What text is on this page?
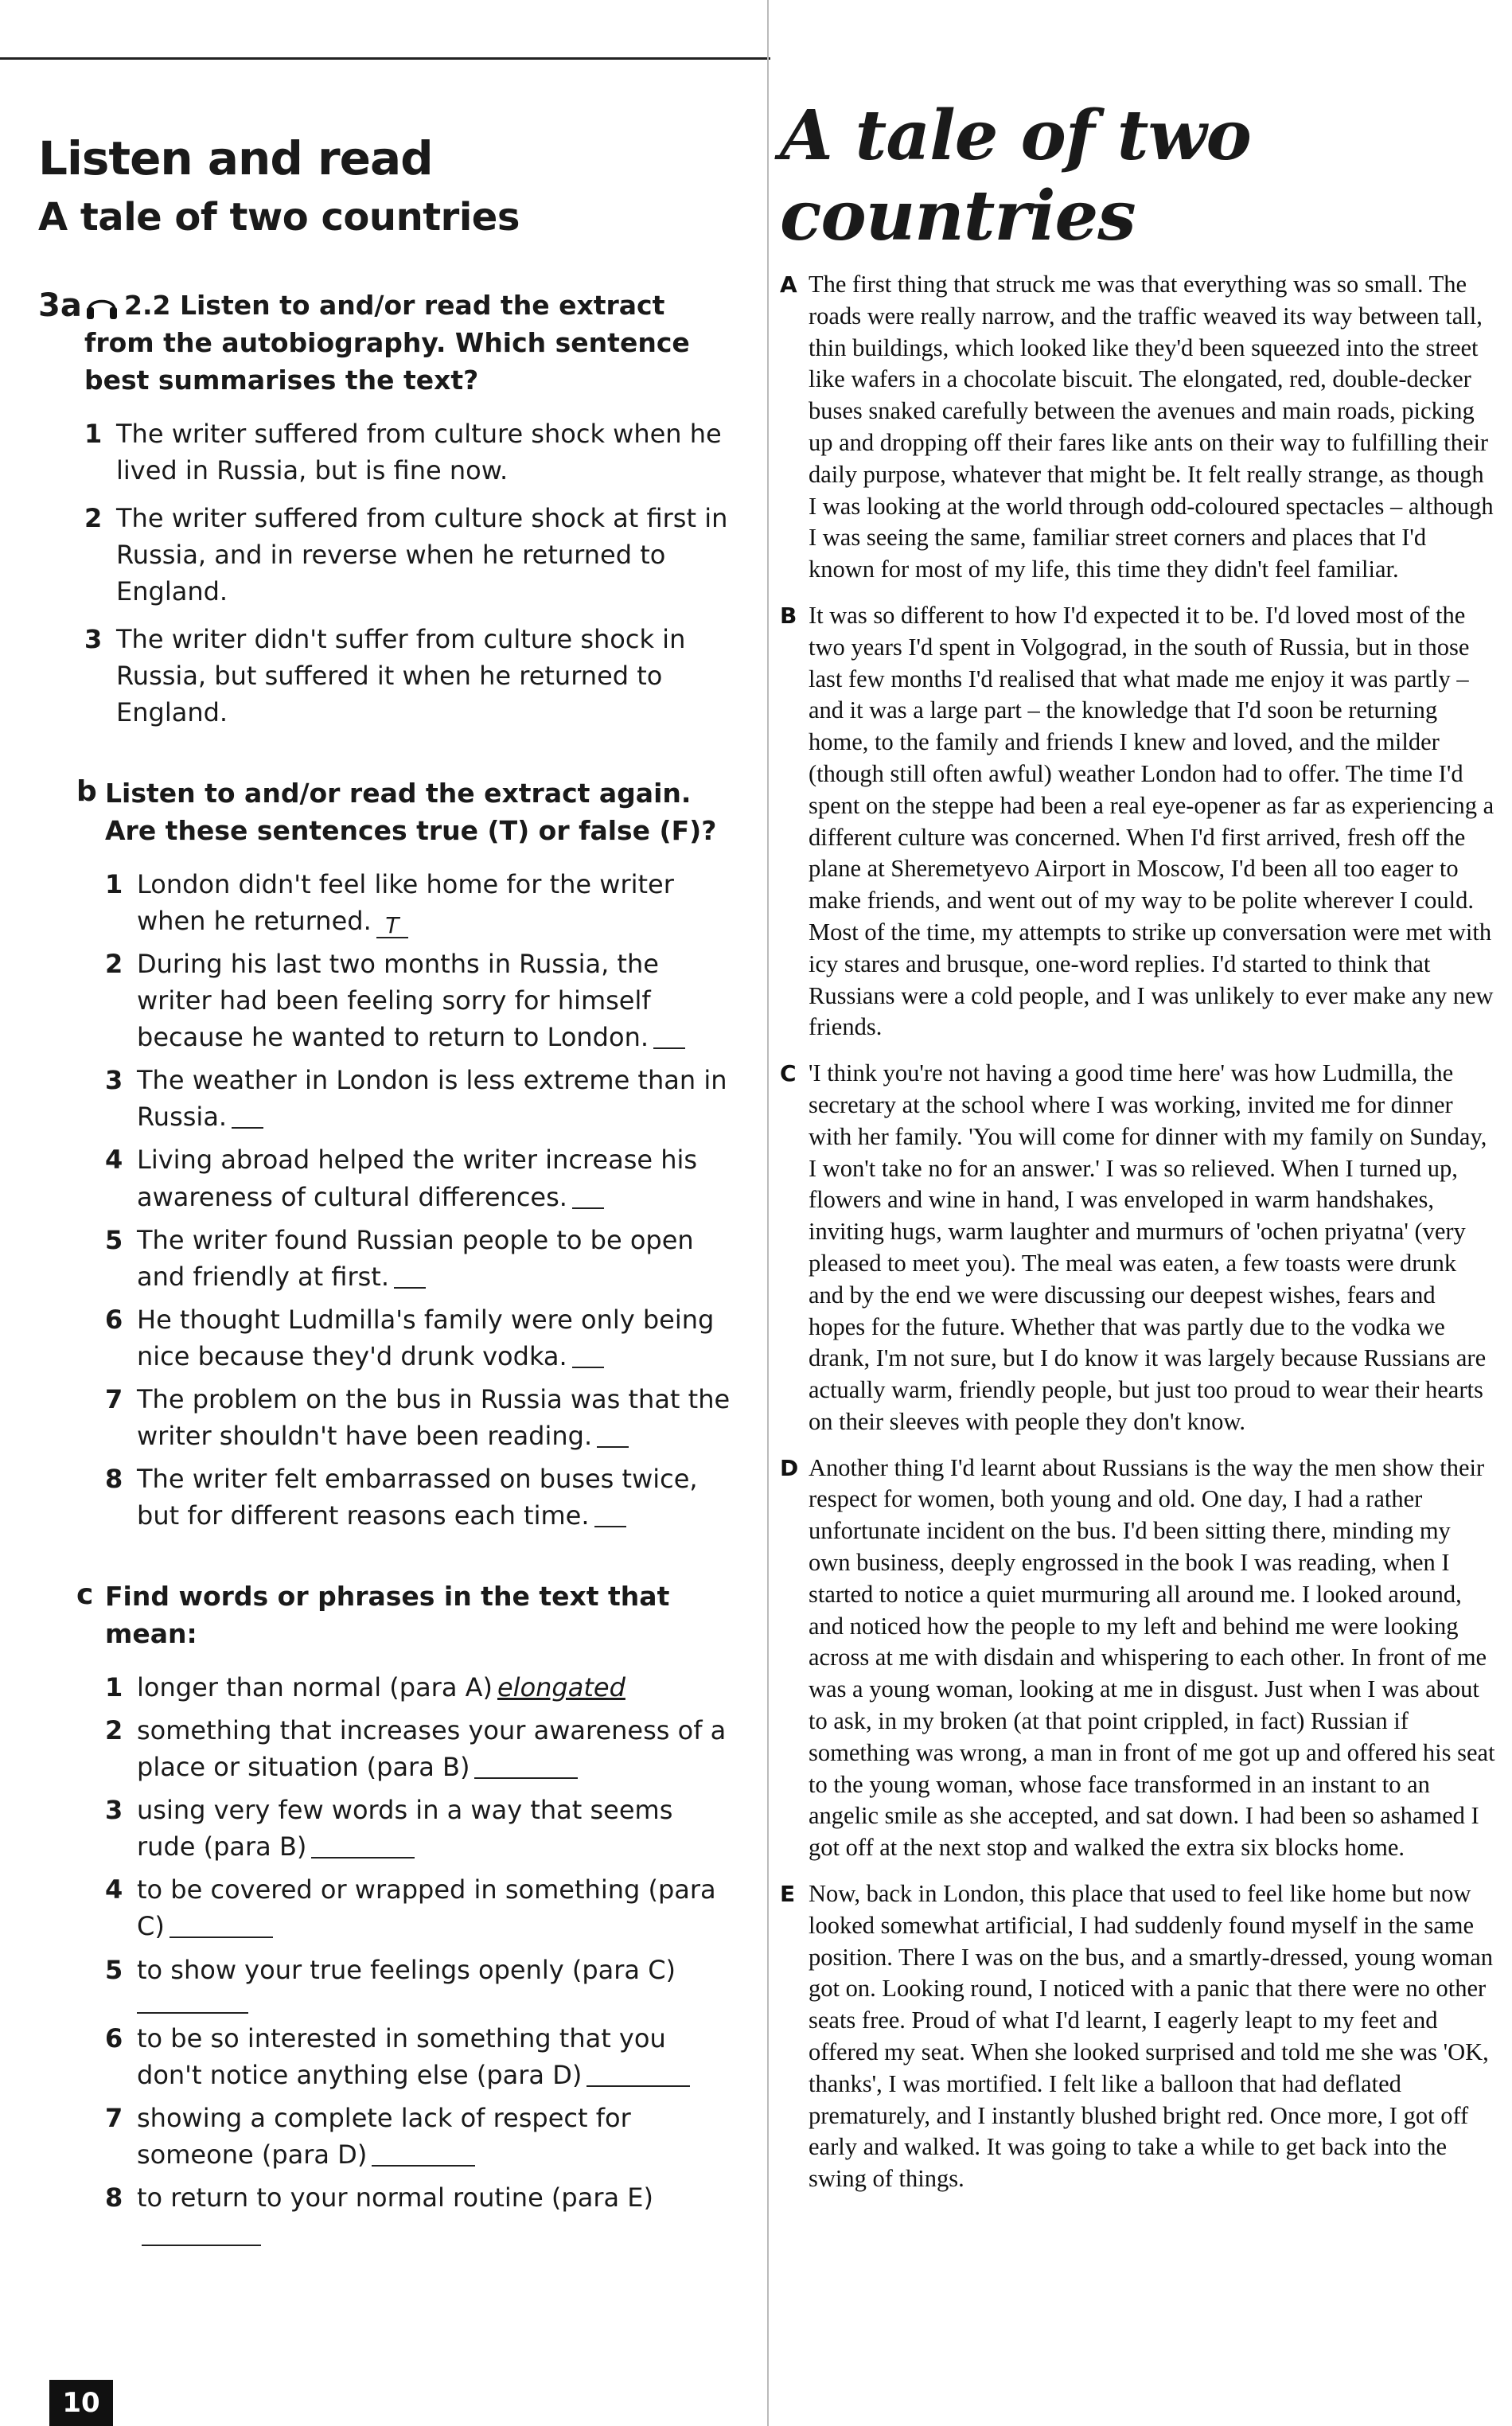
Listen and read
A tale of two countries
3a	2.2 Listen to and/or read the extract from the autobiography. Which sentence best summarises the text?
1 The writer suffered from culture shock when he lived in Russia, but is fine now.
2 The writer suffered from culture shock at first in Russia, and in reverse when he returned to England.
3 The writer didn't suffer from culture shock in Russia, but suffered it when he returned to England.
b Listen to and/or read the extract again. Are these sentences true (T) or false (F)?
1 London didn't feel like home for the writer when he returned. T
2 During his last two months in Russia, the writer had been feeling sorry for himself because he wanted to return to London.
3 The weather in London is less extreme than in Russia.
4 Living abroad helped the writer increase his awareness of cultural differences.
5 The writer found Russian people to be open and friendly at first.
6 He thought Ludmilla's family were only being nice because they'd drunk vodka.
7 The problem on the bus in Russia was that the writer shouldn't have been reading.
8 The writer felt embarrassed on buses twice, but for different reasons each time.
c Find words or phrases in the text that mean:
1 longer than normal (para A) elongated
2 something that increases your awareness of a place or situation (para B)
3 using very few words in a way that seems rude (para B)
4 to be covered or wrapped in something (para C)
5 to show your true feelings openly (para C)
6 to be so interested in something that you don't notice anything else (para D)
7 showing a complete lack of respect for someone (para D)
8 to return to your normal routine (para E)
10
A tale of two countries
A The first thing that struck me was that everything was so small. The roads were really narrow, and the traffic weaved its way between tall, thin buildings, which looked like they'd been squeezed into the street like wafers in a chocolate biscuit. The elongated, red, double-decker buses snaked carefully between the avenues and main roads, picking up and dropping off their fares like ants on their way to fulfilling their daily purpose, whatever that might be. It felt really strange, as though I was looking at the world through odd-coloured spectacles – although I was seeing the same, familiar street corners and places that I'd known for most of my life, this time they didn't feel familiar.
B It was so different to how I'd expected it to be. I'd loved most of the two years I'd spent in Volgograd, in the south of Russia, but in those last few months I'd realised that what made me enjoy it was partly – and it was a large part – the knowledge that I'd soon be returning home, to the family and friends I knew and loved, and the milder (though still often awful) weather London had to offer. The time I'd spent on the steppe had been a real eye-opener as far as experiencing a different culture was concerned. When I'd first arrived, fresh off the plane at Sheremetyevo Airport in Moscow, I'd been all too eager to make friends, and went out of my way to be polite wherever I could. Most of the time, my attempts to strike up conversation were met with icy stares and brusque, one-word replies. I'd started to think that Russians were a cold people, and I was unlikely to ever make any new friends.
C 'I think you're not having a good time here' was how Ludmilla, the secretary at the school where I was working, invited me for dinner with her family. 'You will come for dinner with my family on Sunday, I won't take no for an answer.' I was so relieved. When I turned up, flowers and wine in hand, I was enveloped in warm handshakes, inviting hugs, warm laughter and murmurs of 'ochen priyatna' (very pleased to meet you). The meal was eaten, a few toasts were drunk and by the end we were discussing our deepest wishes, fears and hopes for the future. Whether that was partly due to the vodka we drank, I'm not sure, but I do know it was largely because Russians are actually warm, friendly people, but just too proud to wear their hearts on their sleeves with people they don't know.
D Another thing I'd learnt about Russians is the way the men show their respect for women, both young and old. One day, I had a rather unfortunate incident on the bus. I'd been sitting there, minding my own business, deeply engrossed in the book I was reading, when I started to notice a quiet murmuring all around me. I looked around, and noticed how the people to my left and behind me were looking across at me with disdain and whispering to each other. In front of me was a young woman, looking at me in disgust. Just when I was about to ask, in my broken (at that point crippled, in fact) Russian if something was wrong, a man in front of me got up and offered his seat to the young woman, whose face transformed in an instant to an angelic smile as she accepted, and sat down. I had been so ashamed I got off at the next stop and walked the extra six blocks home.
E Now, back in London, this place that used to feel like home but now looked somewhat artificial, I had suddenly found myself in the same position. There I was on the bus, and a smartly-dressed, young woman got on. Looking round, I noticed with a panic that there were no other seats free. Proud of what I'd learnt, I eagerly leapt to my feet and offered my seat. When she looked surprised and told me she was 'OK, thanks', I was mortified. I felt like a balloon that had deflated prematurely, and I instantly blushed bright red. Once more, I got off early and walked. It was going to take a while to get back into the swing of things.
